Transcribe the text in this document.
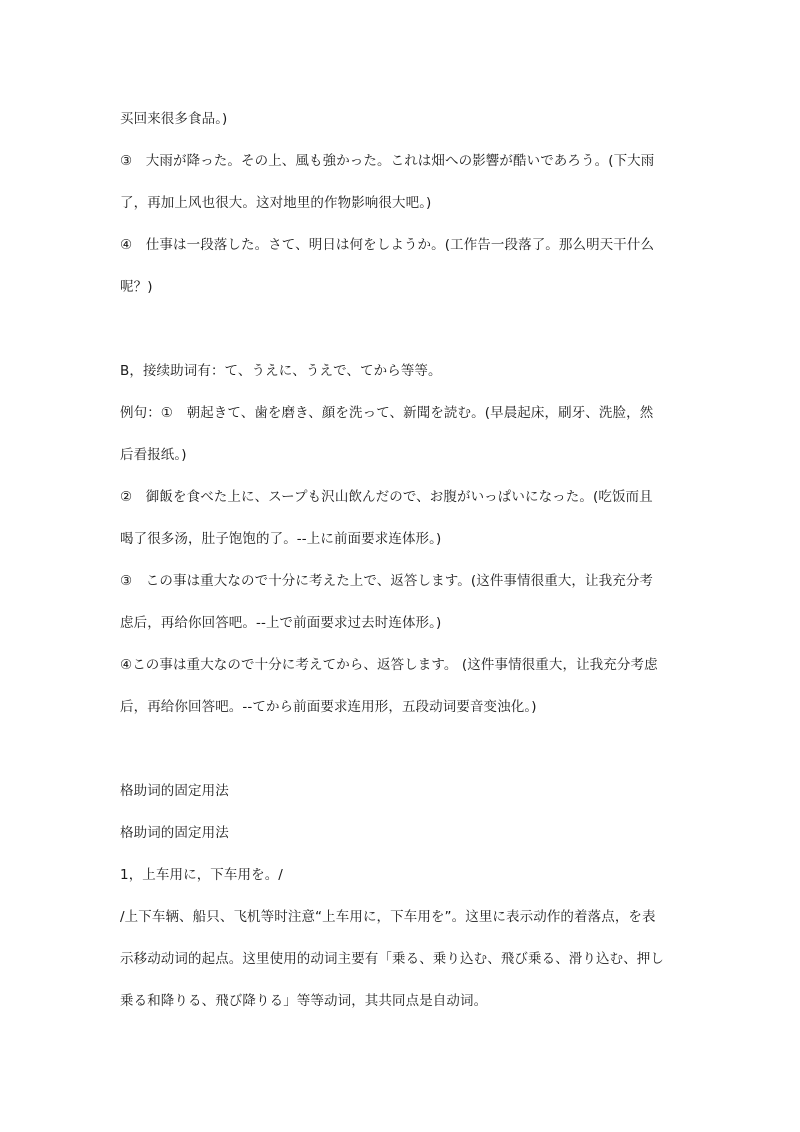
买回来很多食品。)
③　大雨が降った。その上、風も強かった。これは畑への影響が酷いであろう。(下大雨
了，再加上风也很大。这对地里的作物影响很大吧。)
④　仕事は一段落した。さて、明日は何をしようか。(工作告一段落了。那么明天干什么
呢？)
B，接续助词有：て、うえに、うえで、てから等等。
例句：①　朝起きて、歯を磨き、顔を洗って、新聞を読む。(早晨起床，刷牙、洗脸，然
后看报纸。)
②　御飯を食べた上に、スープも沢山飲んだので、お腹がいっぱいになった。(吃饭而且
喝了很多汤，肚子饱饱的了。--上に前面要求连体形。)
③　この事は重大なので十分に考えた上で、返答します。(这件事情很重大，让我充分考
虑后，再给你回答吧。--上で前面要求过去时连体形。)
④この事は重大なので十分に考えてから、返答します。 (这件事情很重大，让我充分考虑
后，再给你回答吧。--てから前面要求连用形，五段动词要音变浊化。)
格助词的固定用法
格助词的固定用法
1，上车用に，下车用を。/
/上下车辆、船只、飞机等时注意“上车用に，下车用を”。这里に表示动作的着落点，を表
示移动动词的起点。这里使用的动词主要有「乗る、乗り込む、飛び乗る、滑り込む、押し
乗る和降りる、飛び降りる」等等动词，其共同点是自动词。
